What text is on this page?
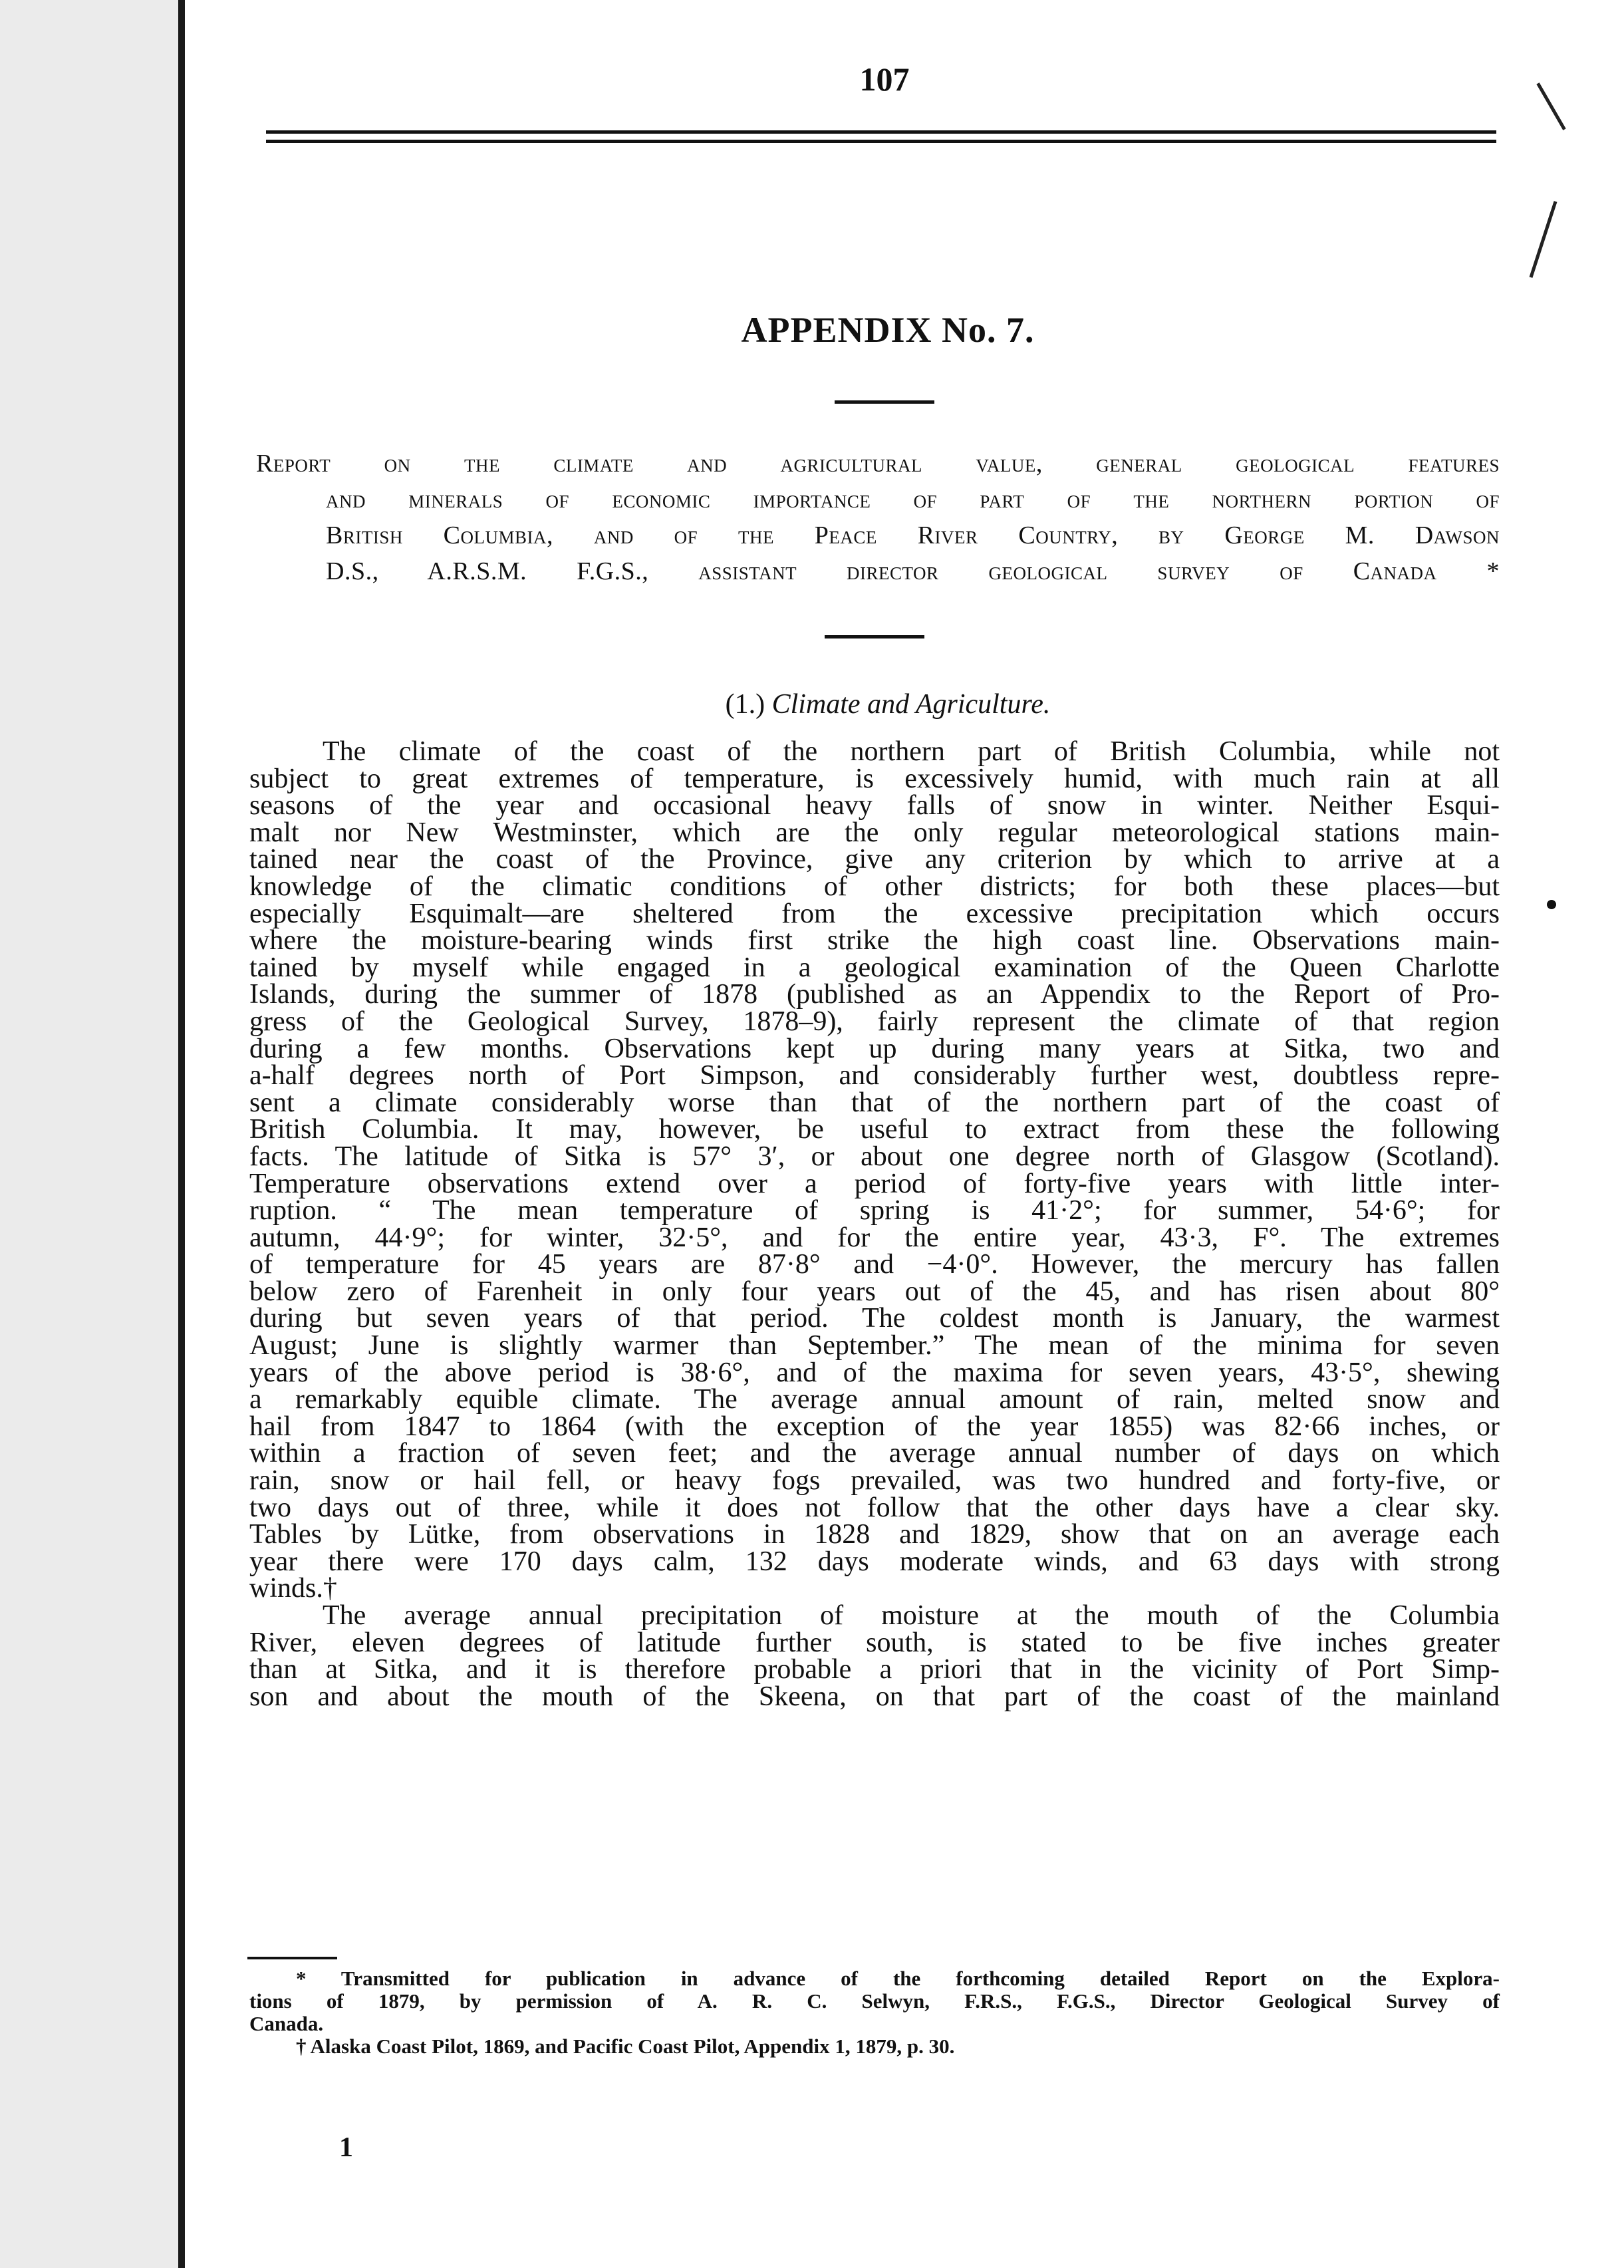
107
APPENDIX No. 7.
Report on the climate and agricultural value, general geological features
and minerals of economic importance of part of the northern portion of
British Columbia, and of the Peace River Country, by George M. Dawson
D.S., A.R.S.M. F.G.S., assistant director geological survey of Canada *
(1.) Climate and Agriculture.
The climate of the coast of the northern part of British Columbia, while not
subject to great extremes of temperature, is excessively humid, with much rain at all
seasons of the year and occasional heavy falls of snow in winter. Neither Esqui-
malt nor New Westminster, which are the only regular meteorological stations main-
tained near the coast of the Province, give any criterion by which to arrive at a
knowledge of the climatic conditions of other districts; for both these places—but
especially Esquimalt—are sheltered from the excessive precipitation which occurs
where the moisture-bearing winds first strike the high coast line. Observations main-
tained by myself while engaged in a geological examination of the Queen Charlotte
Islands, during the summer of 1878 (published as an Appendix to the Report of Pro-
gress of the Geological Survey, 1878–9), fairly represent the climate of that region
during a few months. Observations kept up during many years at Sitka, two and
a-half degrees north of Port Simpson, and considerably further west, doubtless repre-
sent a climate considerably worse than that of the northern part of the coast of
British Columbia. It may, however, be useful to extract from these the following
facts. The latitude of Sitka is 57° 3′, or about one degree north of Glasgow (Scotland).
Temperature observations extend over a period of forty-five years with little inter-
ruption. “ The mean temperature of spring is 41·2°; for summer, 54·6°; for
autumn, 44·9°; for winter, 32·5°, and for the entire year, 43·3, F°. The extremes
of temperature for 45 years are 87·8° and −4·0°. However, the mercury has fallen
below zero of Farenheit in only four years out of the 45, and has risen about 80°
during but seven years of that period. The coldest month is January, the warmest
August; June is slightly warmer than September.” The mean of the minima for seven
years of the above period is 38·6°, and of the maxima for seven years, 43·5°, shewing
a remarkably equible climate. The average annual amount of rain, melted snow and
hail from 1847 to 1864 (with the exception of the year 1855) was 82·66 inches, or
within a fraction of seven feet; and the average annual number of days on which
rain, snow or hail fell, or heavy fogs prevailed, was two hundred and forty-five, or
two days out of three, while it does not follow that the other days have a clear sky.
Tables by Lütke, from observations in 1828 and 1829, show that on an average each
year there were 170 days calm, 132 days moderate winds, and 63 days with strong
winds.†
The average annual precipitation of moisture at the mouth of the Columbia
River, eleven degrees of latitude further south, is stated to be five inches greater
than at Sitka, and it is therefore probable a priori that in the vicinity of Port Simp-
son and about the mouth of the Skeena, on that part of the coast of the mainland
* Transmitted for publication in advance of the forthcoming detailed Report on the Explora-
tions of 1879, by permission of A. R. C. Selwyn, F.R.S., F.G.S., Director Geological Survey of
Canada.
† Alaska Coast Pilot, 1869, and Pacific Coast Pilot, Appendix 1, 1879, p. 30.
1
